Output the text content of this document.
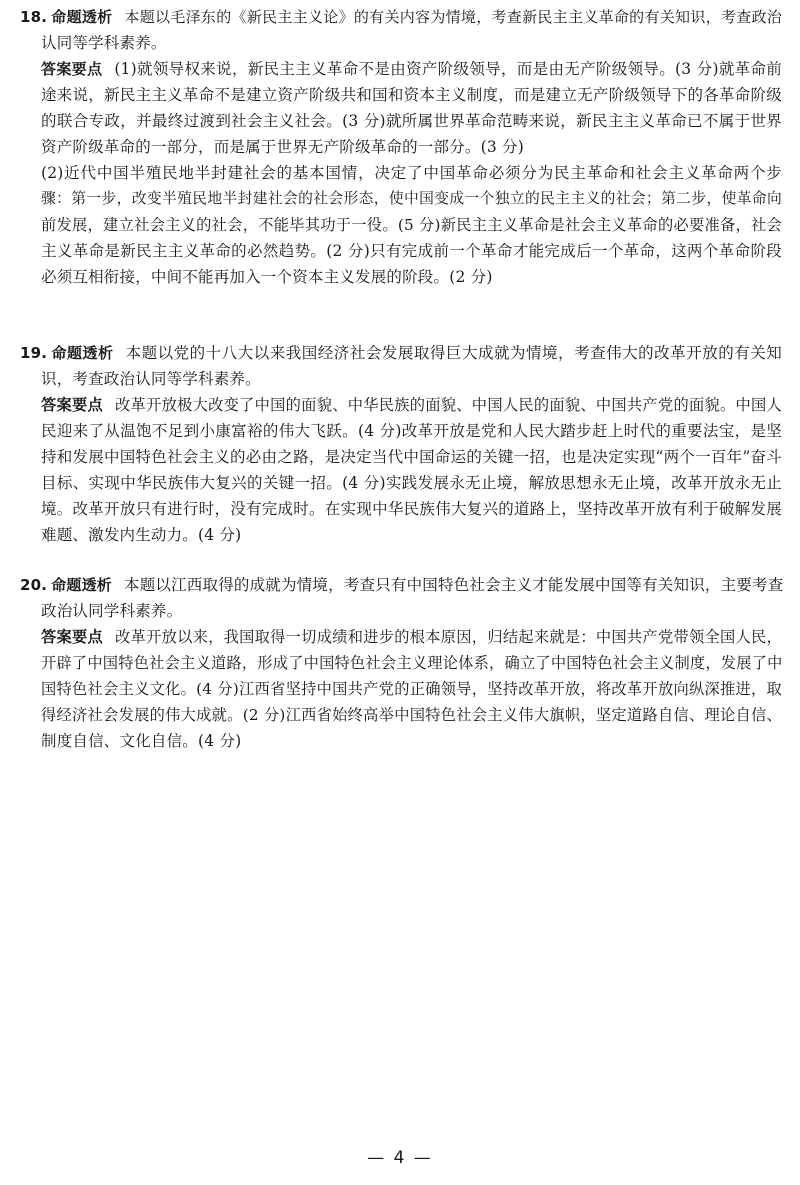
18. 命题透析 本题以毛泽东的《新民主主义论》的有关内容为情境，考查新民主主义革命的有关知识，考查政治
认同等学科素养。
答案要点 (1)就领导权来说，新民主主义革命不是由资产阶级领导，而是由无产阶级领导。(3 分)就革命前
途来说，新民主主义革命不是建立资产阶级共和国和资本主义制度，而是建立无产阶级领导下的各革命阶级
的联合专政，并最终过渡到社会主义社会。(3 分)就所属世界革命范畴来说，新民主主义革命已不属于世界
资产阶级革命的一部分，而是属于世界无产阶级革命的一部分。(3 分)
(2)近代中国半殖民地半封建社会的基本国情，决定了中国革命必须分为民主革命和社会主义革命两个步
骤：第一步，改变半殖民地半封建社会的社会形态，使中国变成一个独立的民主主义的社会；第二步，使革命向
前发展，建立社会主义的社会，不能毕其功于一役。(5 分)新民主主义革命是社会主义革命的必要准备，社会
主义革命是新民主主义革命的必然趋势。(2 分)只有完成前一个革命才能完成后一个革命，这两个革命阶段
必须互相衔接，中间不能再加入一个资本主义发展的阶段。(2 分)
19. 命题透析 本题以党的十八大以来我国经济社会发展取得巨大成就为情境，考查伟大的改革开放的有关知
识，考查政治认同等学科素养。
答案要点 改革开放极大改变了中国的面貌、中华民族的面貌、中国人民的面貌、中国共产党的面貌。中国人
民迎来了从温饱不足到小康富裕的伟大飞跃。(4 分)改革开放是党和人民大踏步赶上时代的重要法宝，是坚
持和发展中国特色社会主义的必由之路，是决定当代中国命运的关键一招，也是决定实现“两个一百年”奋斗
目标、实现中华民族伟大复兴的关键一招。(4 分)实践发展永无止境，解放思想永无止境，改革开放永无止
境。改革开放只有进行时，没有完成时。在实现中华民族伟大复兴的道路上，坚持改革开放有利于破解发展
难题、激发内生动力。(4 分)
20. 命题透析 本题以江西取得的成就为情境，考查只有中国特色社会主义才能发展中国等有关知识，主要考查
政治认同学科素养。
答案要点 改革开放以来，我国取得一切成绩和进步的根本原因，归结起来就是：中国共产党带领全国人民，
开辟了中国特色社会主义道路，形成了中国特色社会主义理论体系，确立了中国特色社会主义制度，发展了中
国特色社会主义文化。(4 分)江西省坚持中国共产党的正确领导，坚持改革开放，将改革开放向纵深推进，取
得经济社会发展的伟大成就。(2 分)江西省始终高举中国特色社会主义伟大旗帜，坚定道路自信、理论自信、
制度自信、文化自信。(4 分)
— 4 —
